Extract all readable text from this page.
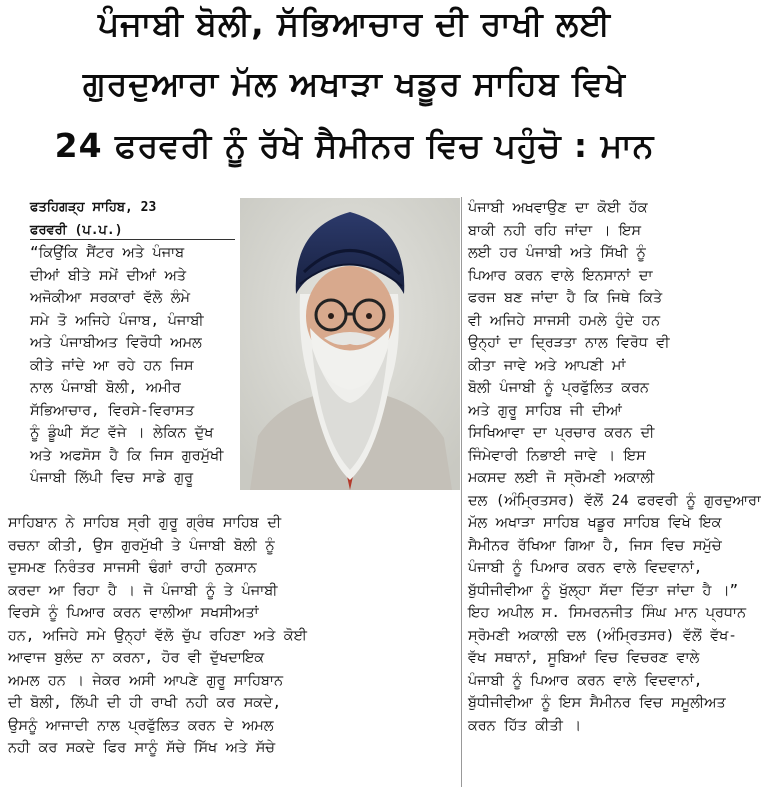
ਪੰਜਾਬੀ ਬੋਲੀ, ਸੱਭਿਆਚਾਰ ਦੀ ਰਾਖੀ ਲਈ
ਗੁਰਦੁਆਰਾ ਮੱਲ ਅਖਾੜਾ ਖਡੂਰ ਸਾਹਿਬ ਵਿਖੇ
24 ਫਰਵਰੀ ਨੂੰ ਰੱਖੇ ਸੈਮੀਨਰ ਵਿਚ ਪਹੁੰਚੋ : ਮਾਨ
ਫਤਹਿਗੜ੍ਹ ਸਾਹਿਬ, 23
ਫਰਵਰੀ (ਪ.ਪ.)
“ਕਿਉਂਕਿ ਸੈਂਟਰ ਅਤੇ ਪੰਜਾਬ
ਦੀਆਂ ਬੀਤੇ ਸਮੇਂ ਦੀਆਂ ਅਤੇ
ਅਜੋਕੀਆ ਸਰਕਾਰਾਂ ਵੱਲੋ ਲੰਮੇ
ਸਮੇ ਤੋ ਅਜਿਹੇ ਪੰਜਾਬ, ਪੰਜਾਬੀ
ਅਤੇ ਪੰਜਾਬੀਅਤ ਵਿਰੋਧੀ ਅਮਲ
ਕੀਤੇ ਜਾਂਦੇ ਆ ਰਹੇ ਹਨ ਜਿਸ
ਨਾਲ ਪੰਜਾਬੀ ਬੋਲੀ, ਅਮੀਰ
ਸੱਭਿਆਚਾਰ, ਵਿਰਸੇ-ਵਿਰਾਸਤ
ਨੂੰ ਡੂੰਘੀ ਸੱਟ ਵੱਜੇ । ਲੇਕਿਨ ਦੁੱਖ
ਅਤੇ ਅਫਸੋਸ ਹੈ ਕਿ ਜਿਸ ਗੁਰਮੁੱਖੀ
ਪੰਜਾਬੀ ਲਿੱਪੀ ਵਿਚ ਸਾਡੇ ਗੁਰੂ
ਸਾਹਿਬਾਨ ਨੇ ਸਾਹਿਬ ਸ੍ਰੀ ਗੁਰੂ ਗ੍ਰੰਥ ਸਾਹਿਬ ਦੀ
ਰਚਨਾ ਕੀਤੀ, ਉਸ ਗੁਰਮੁੱਖੀ ਤੇ ਪੰਜਾਬੀ ਬੋਲੀ ਨੂੰ
ਦੁਸਮਣ ਨਿਰੰਤਰ ਸਾਜਸੀ ਢੰਗਾਂ ਰਾਹੀ ਨੁਕਸਾਨ
ਕਰਦਾ ਆ ਰਿਹਾ ਹੈ । ਜੋ ਪੰਜਾਬੀ ਨੂੰ ਤੇ ਪੰਜਾਬੀ
ਵਿਰਸੇ ਨੂੰ ਪਿਆਰ ਕਰਨ ਵਾਲੀਆ ਸਖਸੀਅਤਾਂ
ਹਨ, ਅਜਿਹੇ ਸਮੇ ਉਨ੍ਹਾਂ ਵੱਲੋ ਚੁੱਪ ਰਹਿਣਾ ਅਤੇ ਕੋਈ
ਆਵਾਜ ਬੁਲੰਦ ਨਾ ਕਰਨਾ, ਹੋਰ ਵੀ ਦੁੱਖਦਾਇਕ
ਅਮਲ ਹਨ । ਜੇਕਰ ਅਸੀ ਆਪਣੇ ਗੁਰੂ ਸਾਹਿਬਾਨ
ਦੀ ਬੋਲੀ, ਲਿੱਪੀ ਦੀ ਹੀ ਰਾਖੀ ਨਹੀ ਕਰ ਸਕਦੇ,
ਉਸਨੂੰ ਆਜਾਦੀ ਨਾਲ ਪ੍ਰਫੁੱਲਿਤ ਕਰਨ ਦੇ ਅਮਲ
ਨਹੀ ਕਰ ਸਕਦੇ ਫਿਰ ਸਾਨੂੰ ਸੱਚੇ ਸਿੱਖ ਅਤੇ ਸੱਚੇ
ਪੰਜਾਬੀ ਅਖਵਾਉਣ ਦਾ ਕੋਈ ਹੱਕ
ਬਾਕੀ ਨਹੀ ਰਹਿ ਜਾਂਦਾ । ਇਸ
ਲਈ ਹਰ ਪੰਜਾਬੀ ਅਤੇ ਸਿੱਖੀ ਨੂੰ
ਪਿਆਰ ਕਰਨ ਵਾਲੇ ਇਨਸਾਨਾਂ ਦਾ
ਫਰਜ ਬਣ ਜਾਂਦਾ ਹੈ ਕਿ ਜਿਥੇ ਕਿਤੇ
ਵੀ ਅਜਿਹੇ ਸਾਜਸੀ ਹਮਲੇ ਹੁੰਦੇ ਹਨ
ਉਨ੍ਹਾਂ ਦਾ ਦ੍ਰਿੜਤਾ ਨਾਲ ਵਿਰੋਧ ਵੀ
ਕੀਤਾ ਜਾਵੇ ਅਤੇ ਆਪਣੀ ਮਾਂ
ਬੋਲੀ ਪੰਜਾਬੀ ਨੂੰ ਪ੍ਰਫੁੱਲਿਤ ਕਰਨ
ਅਤੇ ਗੁਰੂ ਸਾਹਿਬ ਜੀ ਦੀਆਂ
ਸਿਖਿਆਵਾ ਦਾ ਪ੍ਰਚਾਰ ਕਰਨ ਦੀ
ਜਿੰਮੇਵਾਰੀ ਨਿਭਾਈ ਜਾਵੇ । ਇਸ
ਮਕਸਦ ਲਈ ਜੋ ਸ੍ਰੋਮਣੀ ਅਕਾਲੀ
ਦਲ (ਅੰਮ੍ਰਿਤਸਰ) ਵੱਲੋਂ 24 ਫਰਵਰੀ ਨੂੰ ਗੁਰਦੁਆਰਾ
ਮੱਲ ਅਖਾੜਾ ਸਾਹਿਬ ਖਡੂਰ ਸਾਹਿਬ ਵਿਖੇ ਇਕ
ਸੈਮੀਨਰ ਰੱਖਿਆ ਗਿਆ ਹੈ, ਜਿਸ ਵਿਚ ਸਮੁੱਚੇ
ਪੰਜਾਬੀ ਨੂੰ ਪਿਆਰ ਕਰਨ ਵਾਲੇ ਵਿਦਵਾਨਾਂ,
ਬੁੱਧੀਜੀਵੀਆ ਨੂੰ ਖੁੱਲ੍ਹਾ ਸੱਦਾ ਦਿੱਤਾ ਜਾਂਦਾ ਹੈ ।”
ਇਹ ਅਪੀਲ ਸ. ਸਿਮਰਨਜੀਤ ਸਿੰਘ ਮਾਨ ਪ੍ਰਧਾਨ
ਸ੍ਰੋਮਣੀ ਅਕਾਲੀ ਦਲ (ਅੰਮ੍ਰਿਤਸਰ) ਵੱਲੋਂ ਵੱਖ-
ਵੱਖ ਸਥਾਨਾਂ, ਸੂਬਿਆਂ ਵਿਚ ਵਿਚਰਣ ਵਾਲੇ
ਪੰਜਾਬੀ ਨੂੰ ਪਿਆਰ ਕਰਨ ਵਾਲੇ ਵਿਦਵਾਨਾਂ,
ਬੁੱਧੀਜੀਵੀਆ ਨੂੰ ਇਸ ਸੈਮੀਨਰ ਵਿਚ ਸਮੂਲੀਅਤ
ਕਰਨ ਹਿੱਤ ਕੀਤੀ ।
